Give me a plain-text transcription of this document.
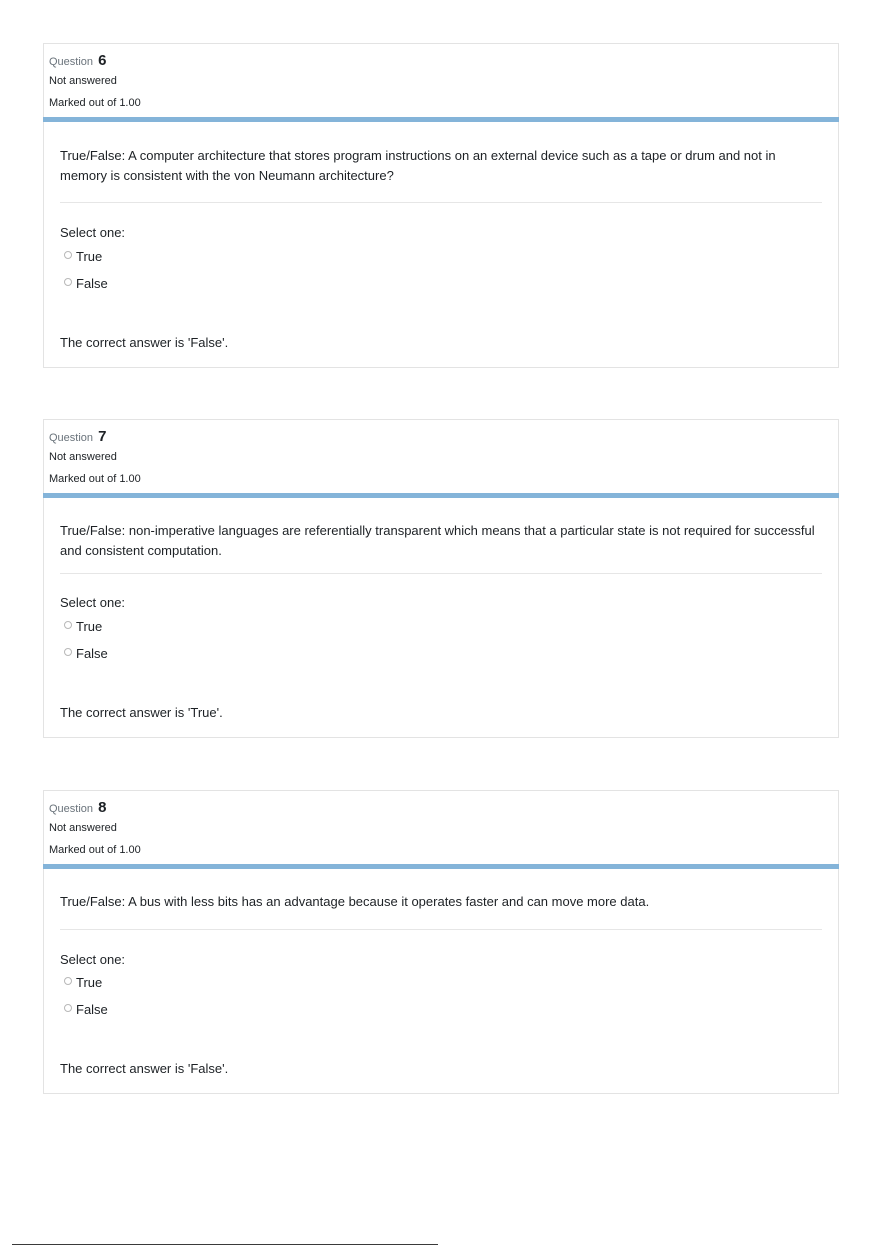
Question 6
Not answered
Marked out of 1.00
True/False: A computer architecture that stores program instructions on an external device such as a tape or drum and not in memory is consistent with the von Neumann architecture?
Select one:
True
False
The correct answer is 'False'.
Question 7
Not answered
Marked out of 1.00
True/False: non-imperative languages are referentially transparent which means that a particular state is not required for successful and consistent computation.
Select one:
True
False
The correct answer is 'True'.
Question 8
Not answered
Marked out of 1.00
True/False: A bus with less bits has an advantage because it operates faster and can move more data.
Select one:
True
False
The correct answer is 'False'.
